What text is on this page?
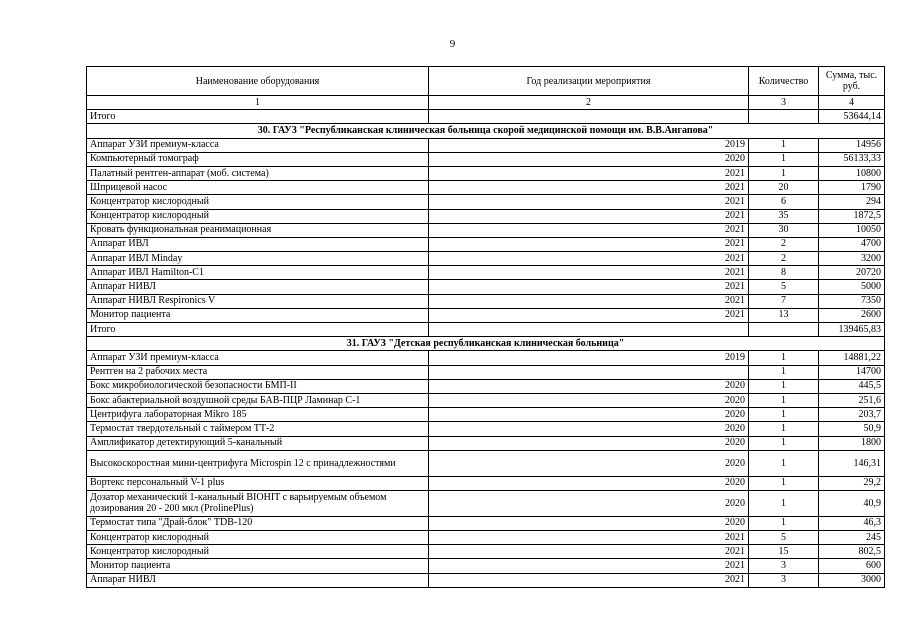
9
Наименование оборудования	Год реализации мероприятия	Количество	Сумма, тыс. руб.
1	2	3	4
Итого			53644,14
30. ГАУЗ "Республиканская клиническая больница скорой медицинской помощи им. В.В.Ангапова"			
Аппарат УЗИ премиум-класса	2019	1	14956
Компьютерный томограф	2020	1	56133,33
Палатный рентген-аппарат (моб. система)	2021	1	10800
Шприцевой насос	2021	20	1790
Концентратор кислородный	2021	6	294
Концентратор кислородный	2021	35	1872,5
Кровать функциональная реанимационная	2021	30	10050
Аппарат ИВЛ	2021	2	4700
Аппарат ИВЛ Minday	2021	2	3200
Аппарат ИВЛ Hamilton-C1	2021	8	20720
Аппарат НИВЛ	2021	5	5000
Аппарат НИВЛ Respironics V	2021	7	7350
Монитор пациента	2021	13	2600
Итого			139465,83
31. ГАУЗ "Детская республиканская клиническая больница"			
Аппарат УЗИ премиум-класса	2019	1	14881,22
Рентген на 2 рабочих места		1	14700
Бокс микробиологической безопасности БМП-II	2020	1	445,5
Бокс абактериальной воздушной среды БАВ-ПЦР Ламинар С-1	2020	1	251,6
Центрифуга лабораторная Mikro 185	2020	1	203,7
Термостат твердотельный с таймером ТТ-2	2020	1	50,9
Амплификатор детектирующий 5-канальный	2020	1	1800
Высокоскоростная мини-центрифуга Microspin 12 с принадлежностями	2020	1	146,31
Вортекс персональный V-1 plus	2020	1	29,2
Дозатор механический 1-канальный BIOHIT с варьируемым объемом дозирования 20 - 200 мкл (ProlinePlus)	2020	1	40,9
Термостат типа "Драй-блок" TDB-120	2020	1	46,3
Концентратор кислородный	2021	5	245
Концентратор кислородный	2021	15	802,5
Монитор пациента	2021	3	600
Аппарат НИВЛ	2021	3	3000
